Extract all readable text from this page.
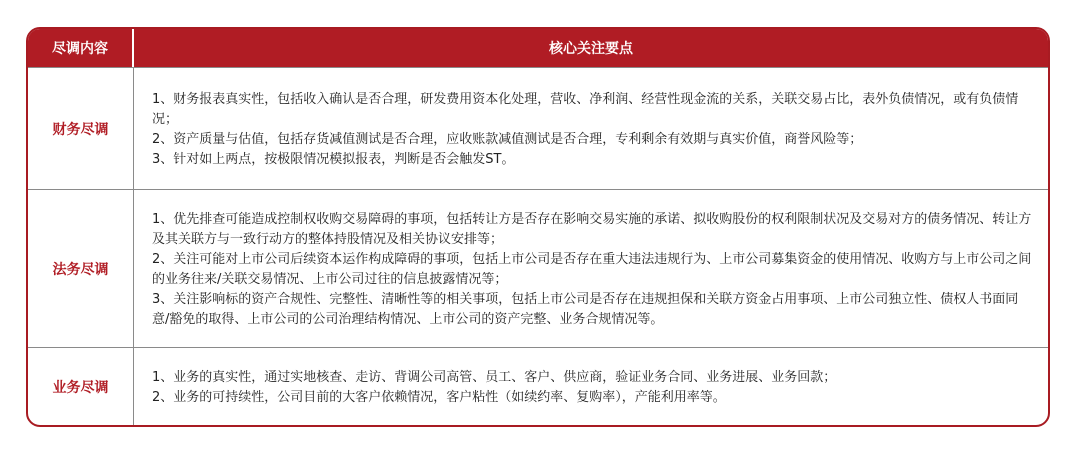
尽调内容	核心关注要点
财务尽调

1、财务报表真实性，包括收入确认是否合理，研发费用资本化处理，营收、净利润、经营性现金流的关系，关联交易占比，表外负债情况，或有负债情况；

2、资产质量与估值，包括存货减值测试是否合理，应收账款减值测试是否合理，专利剩余有效期与真实价值，商誉风险等；

3、针对如上两点，按极限情况模拟报表，判断是否会触发ST。

法务尽调

1、优先排查可能造成控制权收购交易障碍的事项，包括转让方是否存在影响交易实施的承诺、拟收购股份的权利限制状况及交易对方的债务情况、转让方及其关联方与一致行动方的整体持股情况及相关协议安排等；

2、关注可能对上市公司后续资本运作构成障碍的事项，包括上市公司是否存在重大违法违规行为、上市公司募集资金的使用情况、收购方与上市公司之间的业务往来/关联交易情况、上市公司过往的信息披露情况等；

3、关注影响标的资产合规性、完整性、清晰性等的相关事项，包括上市公司是否存在违规担保和关联方资金占用事项、上市公司独立性、债权人书面同意/豁免的取得、上市公司的公司治理结构情况、上市公司的资产完整、业务合规情况等。

业务尽调

1、业务的真实性，通过实地核查、走访、背调公司高管、员工、客户、供应商，验证业务合同、业务进展、业务回款；

2、业务的可持续性，公司目前的大客户依赖情况，客户粘性（如续约率、复购率），产能利用率等。
